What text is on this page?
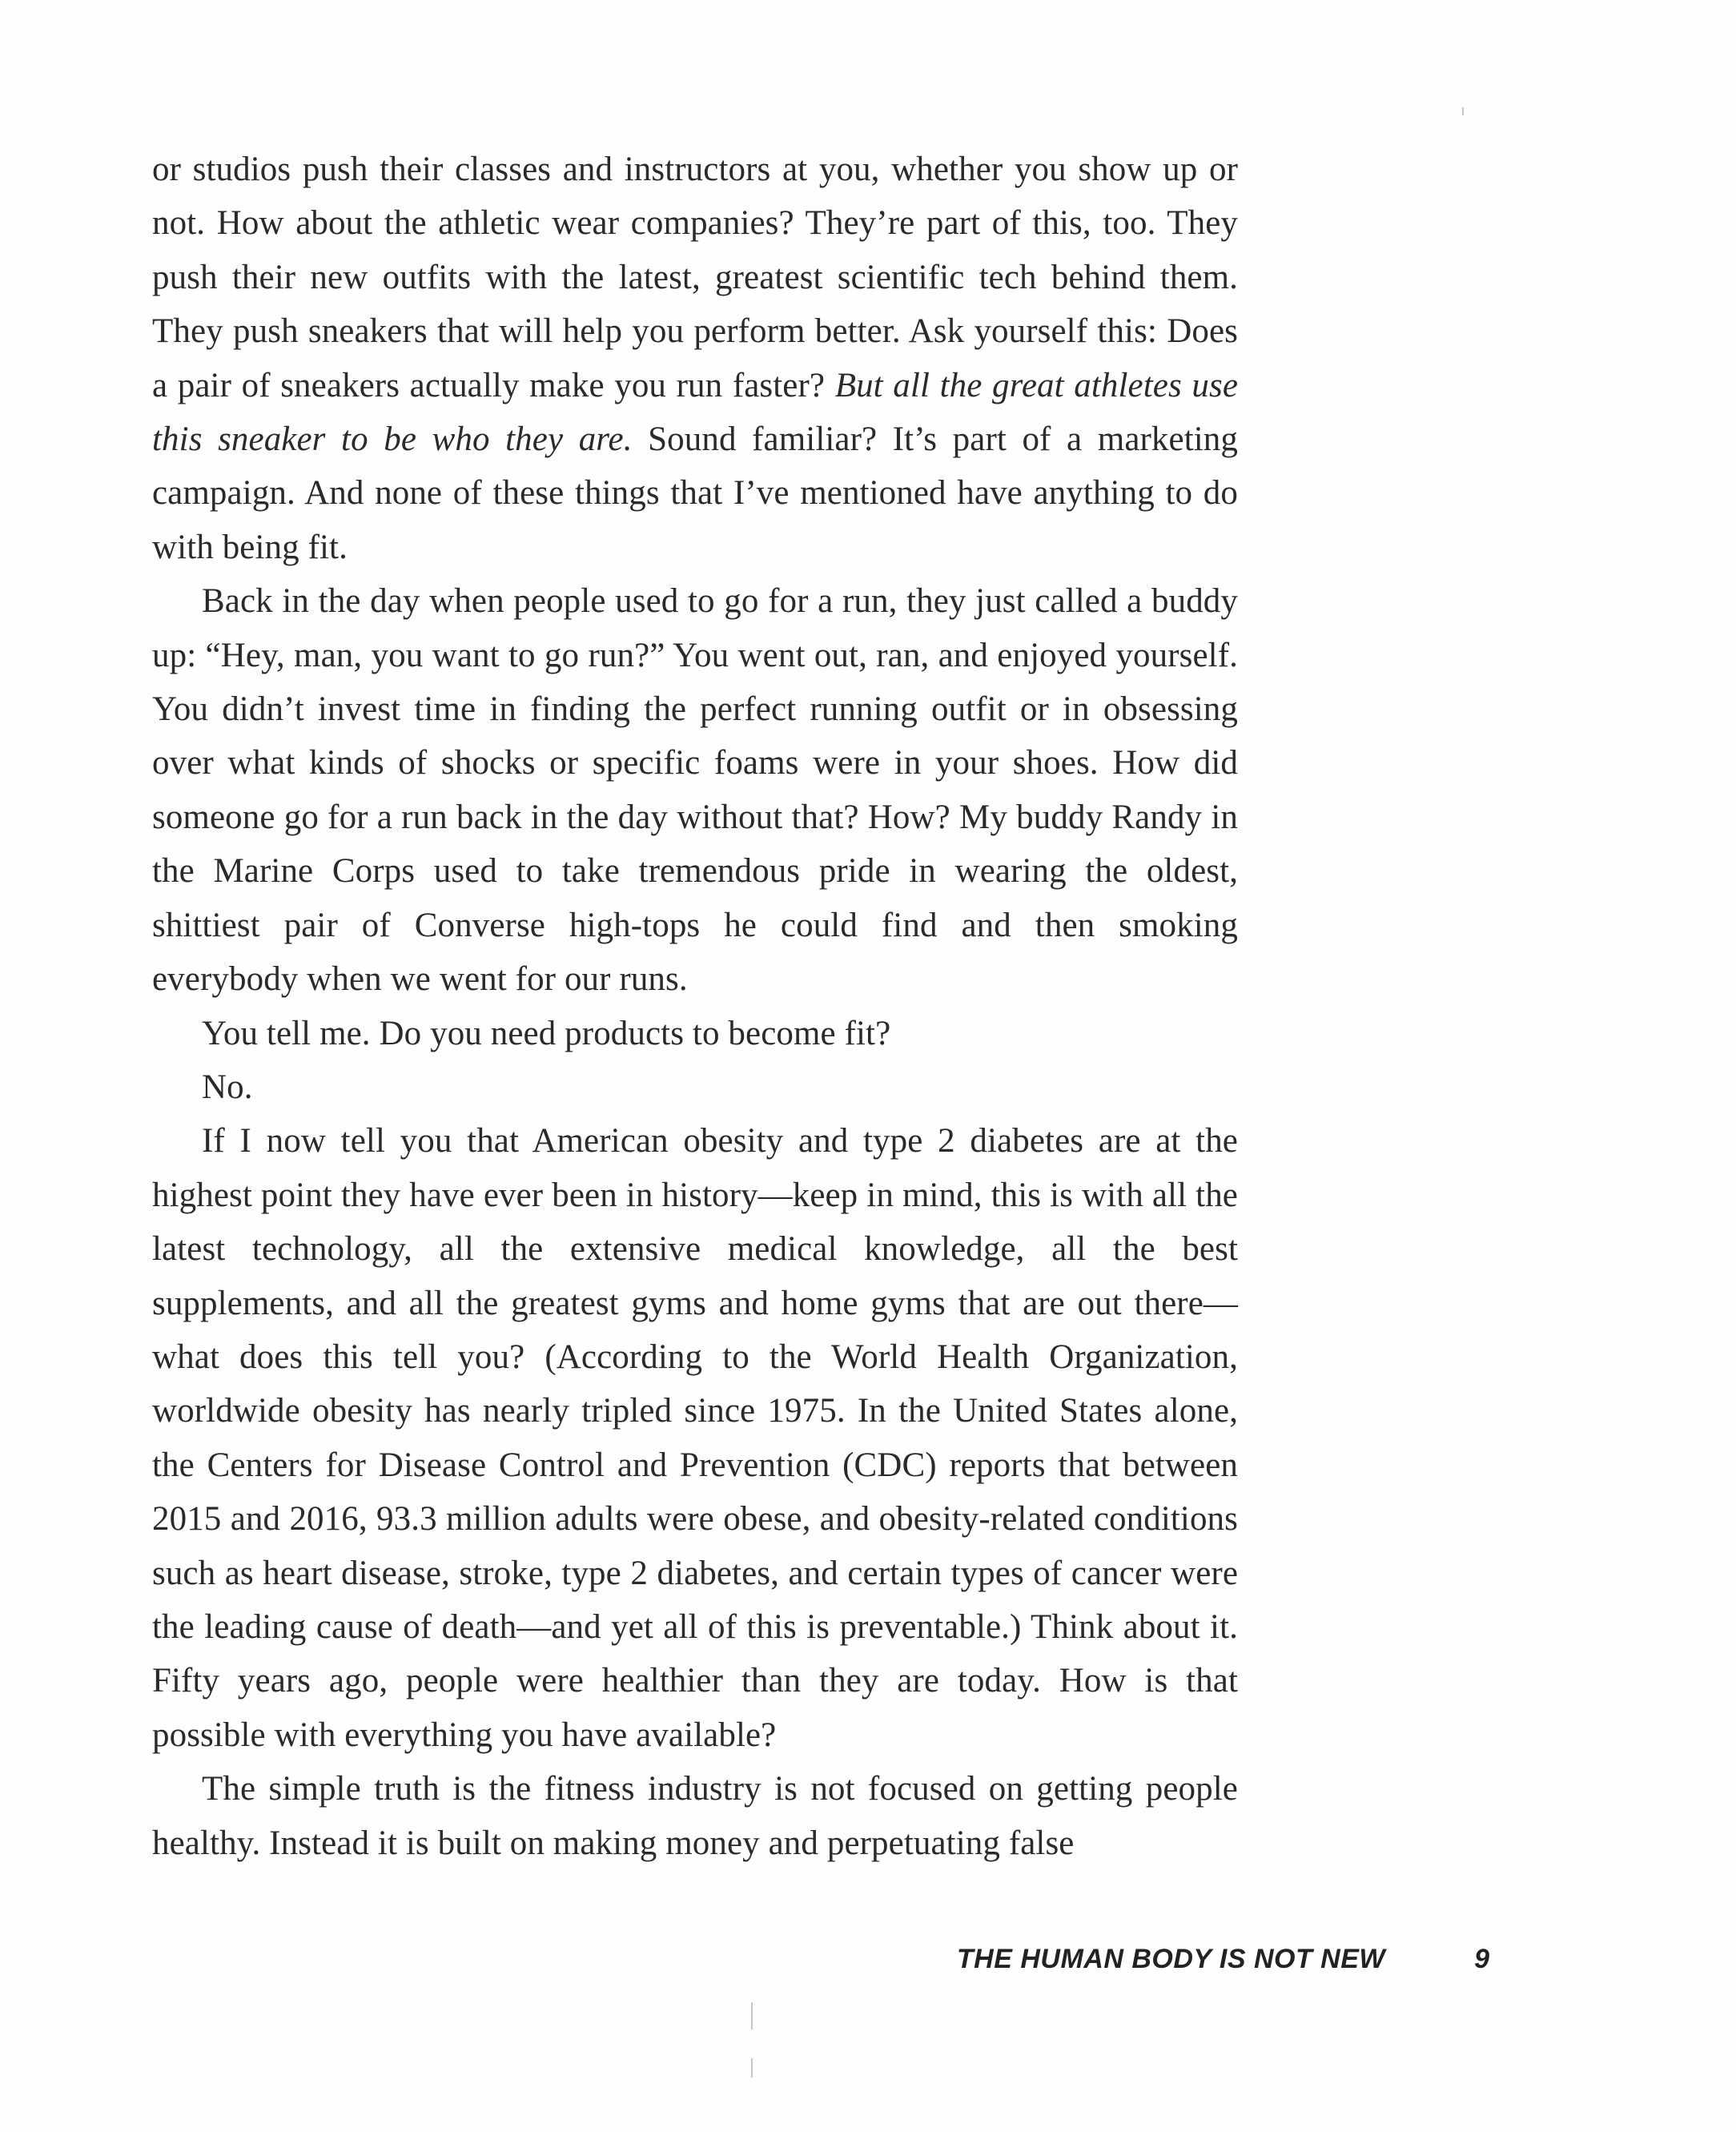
or studios push their classes and instructors at you, whether you show up or not. How about the athletic wear companies? They’re part of this, too. They push their new outfits with the latest, greatest scientific tech behind them. They push sneakers that will help you perform better. Ask yourself this: Does a pair of sneakers actually make you run faster? But all the great athletes use this sneaker to be who they are. Sound familiar? It’s part of a marketing campaign. And none of these things that I’ve mentioned have anything to do with being fit.

Back in the day when people used to go for a run, they just called a buddy up: “Hey, man, you want to go run?” You went out, ran, and enjoyed yourself. You didn’t invest time in finding the perfect running outfit or in obsessing over what kinds of shocks or specific foams were in your shoes. How did someone go for a run back in the day without that? How? My buddy Randy in the Marine Corps used to take tremendous pride in wearing the oldest, shittiest pair of Converse high-tops he could find and then smoking everybody when we went for our runs.

You tell me. Do you need products to become fit?

No.

If I now tell you that American obesity and type 2 diabetes are at the highest point they have ever been in history—keep in mind, this is with all the latest technology, all the extensive medical knowledge, all the best supplements, and all the greatest gyms and home gyms that are out there—what does this tell you? (According to the World Health Organization, worldwide obesity has nearly tripled since 1975. In the United States alone, the Centers for Disease Control and Prevention (CDC) reports that between 2015 and 2016, 93.3 million adults were obese, and obesity-related conditions such as heart disease, stroke, type 2 diabetes, and certain types of cancer were the leading cause of death—and yet all of this is preventable.) Think about it. Fifty years ago, people were healthier than they are today. How is that possible with everything you have available?

The simple truth is the fitness industry is not focused on getting people healthy. Instead it is built on making money and perpetuating false

THE HUMAN BODY IS NOT NEW	9
